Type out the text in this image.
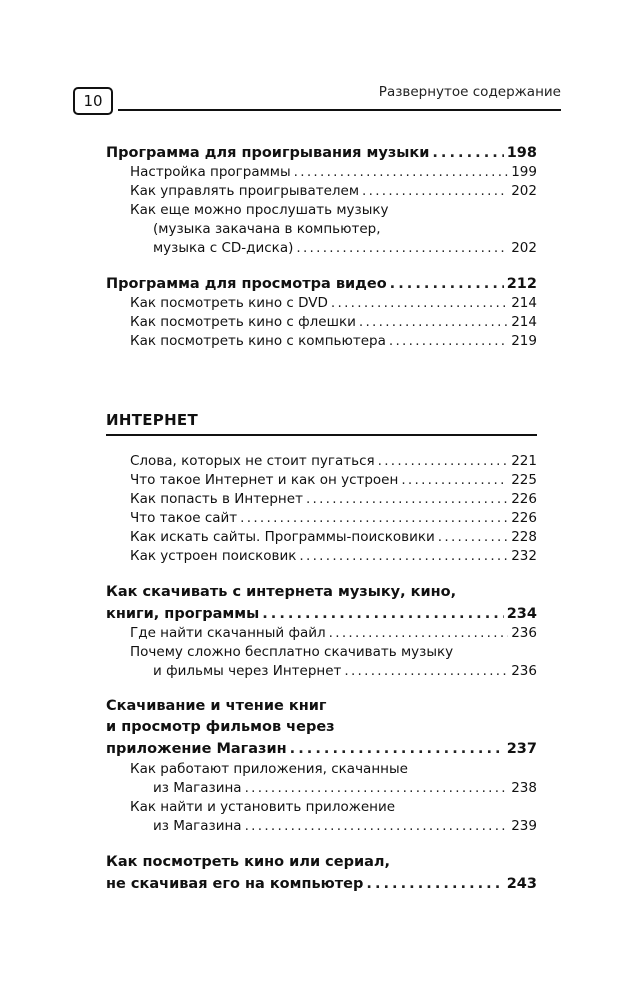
10	Развернутое содержание
Программа для проигрывания музыки . . .	198
Настройка программы . . .	199
Как управлять проигрывателем . . .	202
Как еще можно прослушать музыку
(музыка закачана в компьютер,
музыка с CD-диска) . . .	202
Программа для просмотра видео . . .	212
Как посмотреть кино с DVD . . .	214
Как посмотреть кино с флешки . . .	214
Как посмотреть кино с компьютера . . .	219
ИНТЕРНЕТ
Слова, которых не стоит пугаться . . .	221
Что такое Интернет и как он устроен . . .	225
Как попасть в Интернет . . .	226
Что такое сайт . . .	226
Как искать сайты. Программы-поисковики . . .	228
Как устроен поисковик . . .	232
Как скачивать с интернета музыку, кино,
книги, программы . . .	234
Где найти скачанный файл . . .	236
Почему сложно бесплатно скачивать музыку
и фильмы через Интернет . . .	236
Скачивание и чтение книг
и просмотр фильмов через
приложение Магазин . . .	237
Как работают приложения, скачанные
из Магазина . . .	238
Как найти и установить приложение
из Магазина . . .	239
Как посмотреть кино или сериал,
не скачивая его на компьютер . . .	243
